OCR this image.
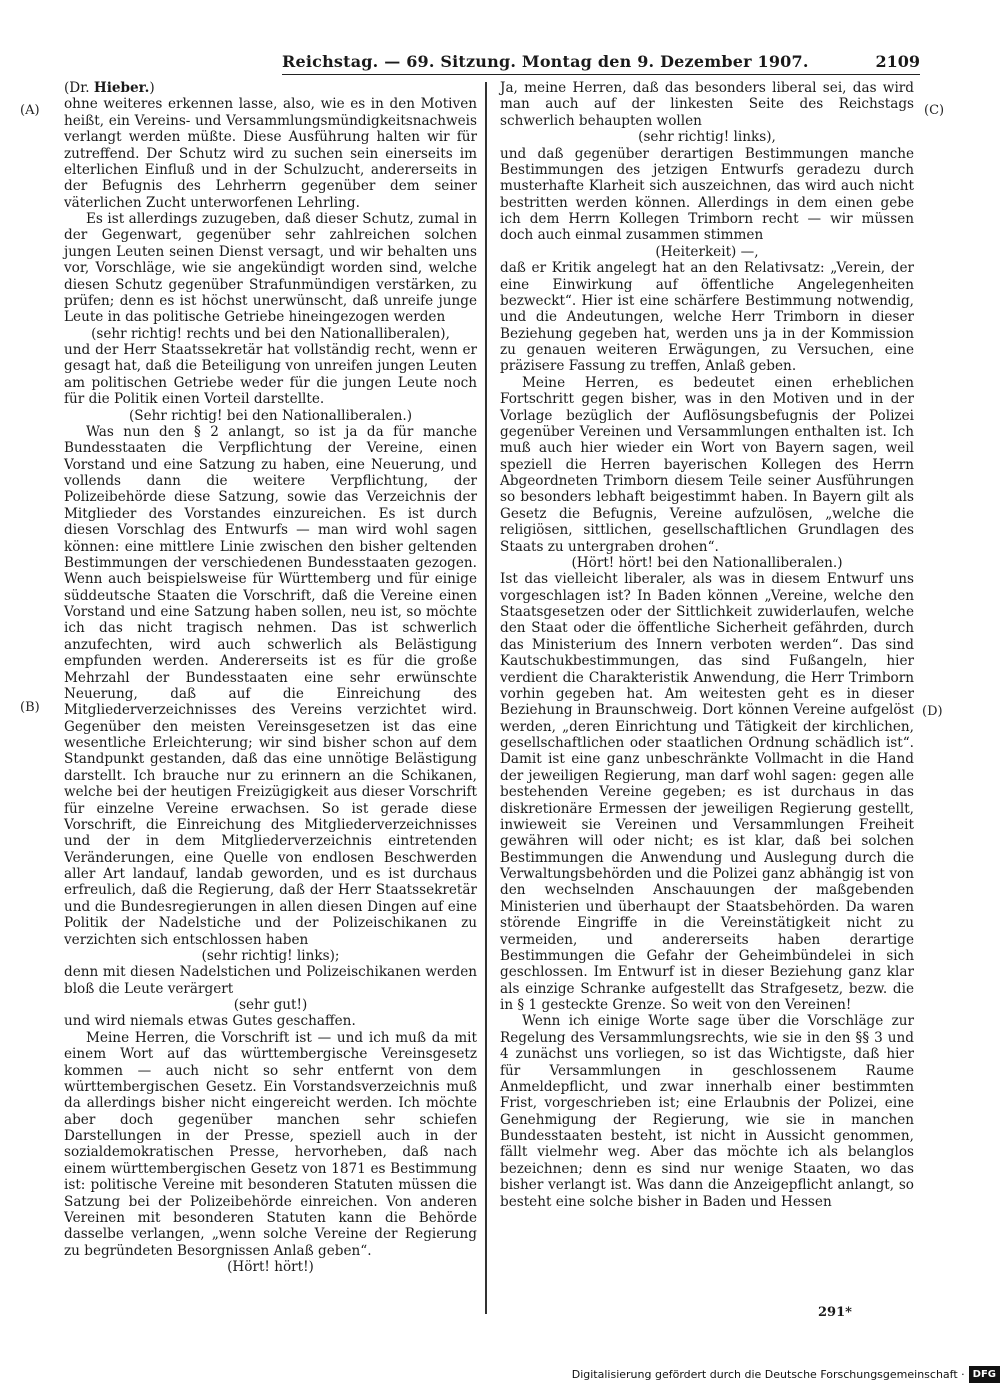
Reichstag. — 69. Sitzung. Montag den 9. Dezember 1907.	2109
(A)
(B)
(C)
(D)

(Dr. Hieber.)

ohne weiteres erkennen lasse, also, wie es in den Motiven heißt, ein Vereins- und Versammlungsmündigkeitsnachweis verlangt werden müßte. Diese Ausführung halten wir für zutreffend. Der Schutz wird zu suchen sein einerseits im elterlichen Einfluß und in der Schulzucht, andererseits in der Befugnis des Lehrherrn gegenüber dem seiner väterlichen Zucht unterworfenen Lehrling.

Es ist allerdings zuzugeben, daß dieser Schutz, zumal in der Gegenwart, gegenüber sehr zahlreichen solchen jungen Leuten seinen Dienst versagt, und wir behalten uns vor, Vorschläge, wie sie angekündigt worden sind, welche diesen Schutz gegenüber Strafunmündigen verstärken, zu prüfen; denn es ist höchst unerwünscht, daß unreife junge Leute in das politische Getriebe hineingezogen werden

(sehr richtig! rechts und bei den Nationalliberalen),

und der Herr Staatssekretär hat vollständig recht, wenn er gesagt hat, daß die Beteiligung von unreifen jungen Leuten am politischen Getriebe weder für die jungen Leute noch für die Politik einen Vorteil darstellte.

(Sehr richtig! bei den Nationalliberalen.)

Was nun den § 2 anlangt, so ist ja da für manche Bundesstaaten die Verpflichtung der Vereine, einen Vorstand und eine Satzung zu haben, eine Neuerung, und vollends dann die weitere Verpflichtung, der Polizeibehörde diese Satzung, sowie das Verzeichnis der Mitglieder des Vorstandes einzureichen. Es ist durch diesen Vorschlag des Entwurfs — man wird wohl sagen können: eine mittlere Linie zwischen den bisher geltenden Bestimmungen der verschiedenen Bundesstaaten gezogen. Wenn auch beispielsweise für Württemberg und für einige süddeutsche Staaten die Vorschrift, daß die Vereine einen Vorstand und eine Satzung haben sollen, neu ist, so möchte ich das nicht tragisch nehmen. Das ist schwerlich anzufechten, wird auch schwerlich als Belästigung empfunden werden. Andererseits ist es für die große Mehrzahl der Bundesstaaten eine sehr erwünschte Neuerung, daß auf die Einreichung des Mitgliederverzeichnisses des Vereins verzichtet wird. Gegenüber den meisten Vereinsgesetzen ist das eine wesentliche Erleichterung; wir sind bisher schon auf dem Standpunkt gestanden, daß das eine unnötige Belästigung darstellt. Ich brauche nur zu erinnern an die Schikanen, welche bei der heutigen Freizügigkeit aus dieser Vorschrift für einzelne Vereine erwachsen. So ist gerade diese Vorschrift, die Einreichung des Mitgliederverzeichnisses und der in dem Mitgliederverzeichnis eintretenden Veränderungen, eine Quelle von endlosen Beschwerden aller Art landauf, landab geworden, und es ist durchaus erfreulich, daß die Regierung, daß der Herr Staatssekretär und die Bundesregierungen in allen diesen Dingen auf eine Politik der Nadelstiche und der Polizeischikanen zu verzichten sich entschlossen haben

(sehr richtig! links);

denn mit diesen Nadelstichen und Polizeischikanen werden bloß die Leute verärgert

(sehr gut!)

und wird niemals etwas Gutes geschaffen.

Meine Herren, die Vorschrift ist — und ich muß da mit einem Wort auf das württembergische Vereinsgesetz kommen — auch nicht so sehr entfernt von dem württembergischen Gesetz. Ein Vorstandsverzeichnis muß da allerdings bisher nicht eingereicht werden. Ich möchte aber doch gegenüber manchen sehr schiefen Darstellungen in der Presse, speziell auch in der sozialdemokratischen Presse, hervorheben, daß nach einem württembergischen Gesetz von 1871 es Bestimmung ist: politische Vereine mit besonderen Statuten müssen die Satzung bei der Polizeibehörde einreichen. Von anderen Vereinen mit besonderen Statuten kann die Behörde dasselbe verlangen, „wenn solche Vereine der Regierung zu begründeten Besorgnissen Anlaß geben“.

(Hört! hört!)

Ja, meine Herren, daß das besonders liberal sei, das wird man auch auf der linkesten Seite des Reichstags schwerlich behaupten wollen

(sehr richtig! links),

und daß gegenüber derartigen Bestimmungen manche Bestimmungen des jetzigen Entwurfs geradezu durch musterhafte Klarheit sich auszeichnen, das wird auch nicht bestritten werden können. Allerdings in dem einen gebe ich dem Herrn Kollegen Trimborn recht — wir müssen doch auch einmal zusammen stimmen

(Heiterkeit) —,

daß er Kritik angelegt hat an den Relativsatz: „Verein, der eine Einwirkung auf öffentliche Angelegenheiten bezweckt“. Hier ist eine schärfere Bestimmung notwendig, und die Andeutungen, welche Herr Trimborn in dieser Beziehung gegeben hat, werden uns ja in der Kommission zu genauen weiteren Erwägungen, zu Versuchen, eine präzisere Fassung zu treffen, Anlaß geben.

Meine Herren, es bedeutet einen erheblichen Fortschritt gegen bisher, was in den Motiven und in der Vorlage bezüglich der Auflösungsbefugnis der Polizei gegenüber Vereinen und Versammlungen enthalten ist. Ich muß auch hier wieder ein Wort von Bayern sagen, weil speziell die Herren bayerischen Kollegen des Herrn Abgeordneten Trimborn diesem Teile seiner Ausführungen so besonders lebhaft beigestimmt haben. In Bayern gilt als Gesetz die Befugnis, Vereine aufzulösen, „welche die religiösen, sittlichen, gesellschaftlichen Grundlagen des Staats zu untergraben drohen“.

(Hört! hört! bei den Nationalliberalen.)

Ist das vielleicht liberaler, als was in diesem Entwurf uns vorgeschlagen ist? In Baden können „Vereine, welche den Staatsgesetzen oder der Sittlichkeit zuwiderlaufen, welche den Staat oder die öffentliche Sicherheit gefährden, durch das Ministerium des Innern verboten werden“. Das sind Kautschukbestimmungen, das sind Fußangeln, hier verdient die Charakteristik Anwendung, die Herr Trimborn vorhin gegeben hat. Am weitesten geht es in dieser Beziehung in Braunschweig. Dort können Vereine aufgelöst werden, „deren Einrichtung und Tätigkeit der kirchlichen, gesellschaftlichen oder staatlichen Ordnung schädlich ist“. Damit ist eine ganz unbeschränkte Vollmacht in die Hand der jeweiligen Regierung, man darf wohl sagen: gegen alle bestehenden Vereine gegeben; es ist durchaus in das diskretionäre Ermessen der jeweiligen Regierung gestellt, inwieweit sie Vereinen und Versammlungen Freiheit gewähren will oder nicht; es ist klar, daß bei solchen Bestimmungen die Anwendung und Auslegung durch die Verwaltungsbehörden und die Polizei ganz abhängig ist von den wechselnden Anschauungen der maßgebenden Ministerien und überhaupt der Staatsbehörden. Da waren störende Eingriffe in die Vereinstätigkeit nicht zu vermeiden, und andererseits haben derartige Bestimmungen die Gefahr der Geheimbündelei in sich geschlossen. Im Entwurf ist in dieser Beziehung ganz klar als einzige Schranke aufgestellt das Strafgesetz, bezw. die in § 1 gesteckte Grenze. So weit von den Vereinen!

Wenn ich einige Worte sage über die Vorschläge zur Regelung des Versammlungsrechts, wie sie in den §§ 3 und 4 zunächst uns vorliegen, so ist das Wichtigste, daß hier für Versammlungen in geschlossenem Raume Anmeldepflicht, und zwar innerhalb einer bestimmten Frist, vorgeschrieben ist; eine Erlaubnis der Polizei, eine Genehmigung der Regierung, wie sie in manchen Bundesstaaten besteht, ist nicht in Aussicht genommen, fällt vielmehr weg. Aber das möchte ich als belanglos bezeichnen; denn es sind nur wenige Staaten, wo das bisher verlangt ist. Was dann die Anzeigepflicht anlangt, so besteht eine solche bisher in Baden und Hessen

291*
Digitalisierung gefördert durch die Deutsche Forschungsgemeinschaft · DFG
